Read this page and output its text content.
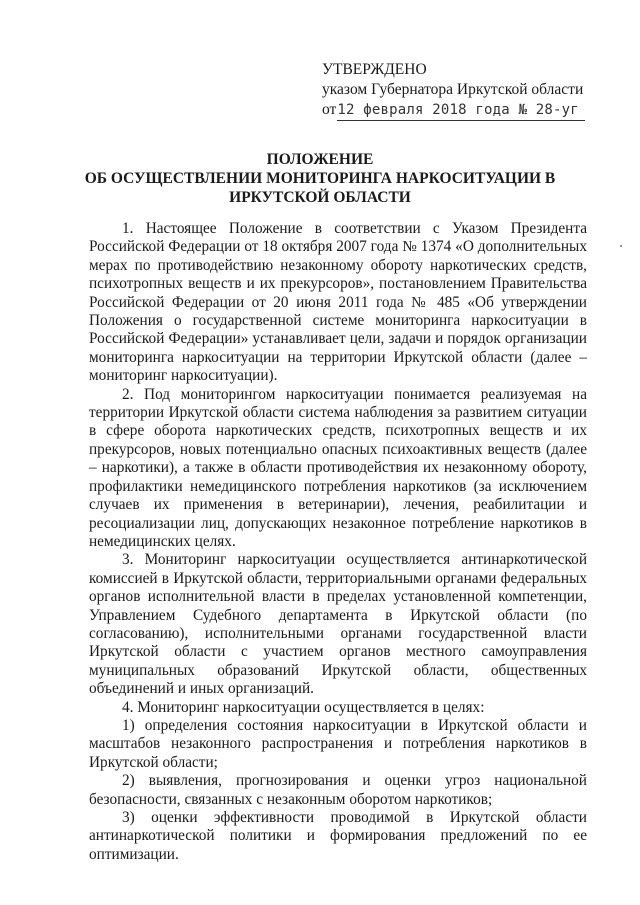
УТВЕРЖДЕНО
указом Губернатора Иркутской области
от 12 февраля 2018 года № 28-уг
ПОЛОЖЕНИЕ
ОБ ОСУЩЕСТВЛЕНИИ МОНИТОРИНГА НАРКОСИТУАЦИИ В
ИРКУТСКОЙ ОБЛАСТИ

1. Настоящее Положение в соответствии с Указом Президента Российской Федерации от 18 октября 2007 года № 1374 «О дополнительных мерах по противодействию незаконному обороту наркотических средств, психотропных веществ и их прекурсоров», постановлением Правительства Российской Федерации от 20 июня 2011 года № 485 «Об утверждении Положения о государственной системе мониторинга наркоситуации в Российской Федерации» устанавливает цели, задачи и порядок организации мониторинга наркоситуации на территории Иркутской области (далее – мониторинг наркоситуации).

2. Под мониторингом наркоситуации понимается реализуемая на территории Иркутской области система наблюдения за развитием ситуации в сфере оборота наркотических средств, психотропных веществ и их прекурсоров, новых потенциально опасных психоактивных веществ (далее – наркотики), а также в области противодействия их незаконному обороту, профилактики немедицинского потребления наркотиков (за исключением случаев их применения в ветеринарии), лечения, реабилитации и ресоциализации лиц, допускающих незаконное потребление наркотиков в немедицинских целях.

3. Мониторинг наркоситуации осуществляется антинаркотической комиссией в Иркутской области, территориальными органами федеральных органов исполнительной власти в пределах установленной компетенции, Управлением Судебного департамента в Иркутской области (по согласованию), исполнительными органами государственной власти Иркутской области с участием органов местного самоуправления муниципальных образований Иркутской области, общественных объединений и иных организаций.

4. Мониторинг наркоситуации осуществляется в целях:

1) определения состояния наркоситуации в Иркутской области и масштабов незаконного распространения и потребления наркотиков в Иркутской области;

2) выявления, прогнозирования и оценки угроз национальной безопасности, связанных с незаконным оборотом наркотиков;

3) оценки эффективности проводимой в Иркутской области антинаркотической политики и формирования предложений по ее оптимизации.
